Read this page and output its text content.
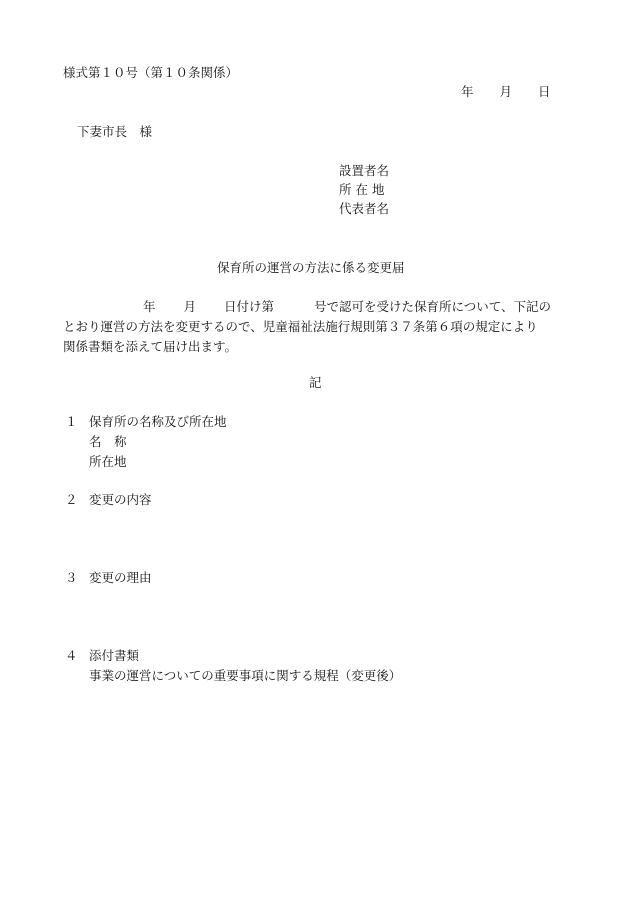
様式第１０号（第１０条関係）
年 月 日
下妻市長　様
設置者名
所 在 地
代表者名
保育所の運営の方法に係る変更届
年 月 日付け第	号で認可を受けた保育所について、下記の
とおり運営の方法を変更するので、児童福祉法施行規則第３７条第６項の規定により
関係書類を添えて届け出ます。
記
１ 保育所の名称及び所在地
名　称
所在地
２ 変更の内容
３ 変更の理由
４ 添付書類
事業の運営についての重要事項に関する規程（変更後）
